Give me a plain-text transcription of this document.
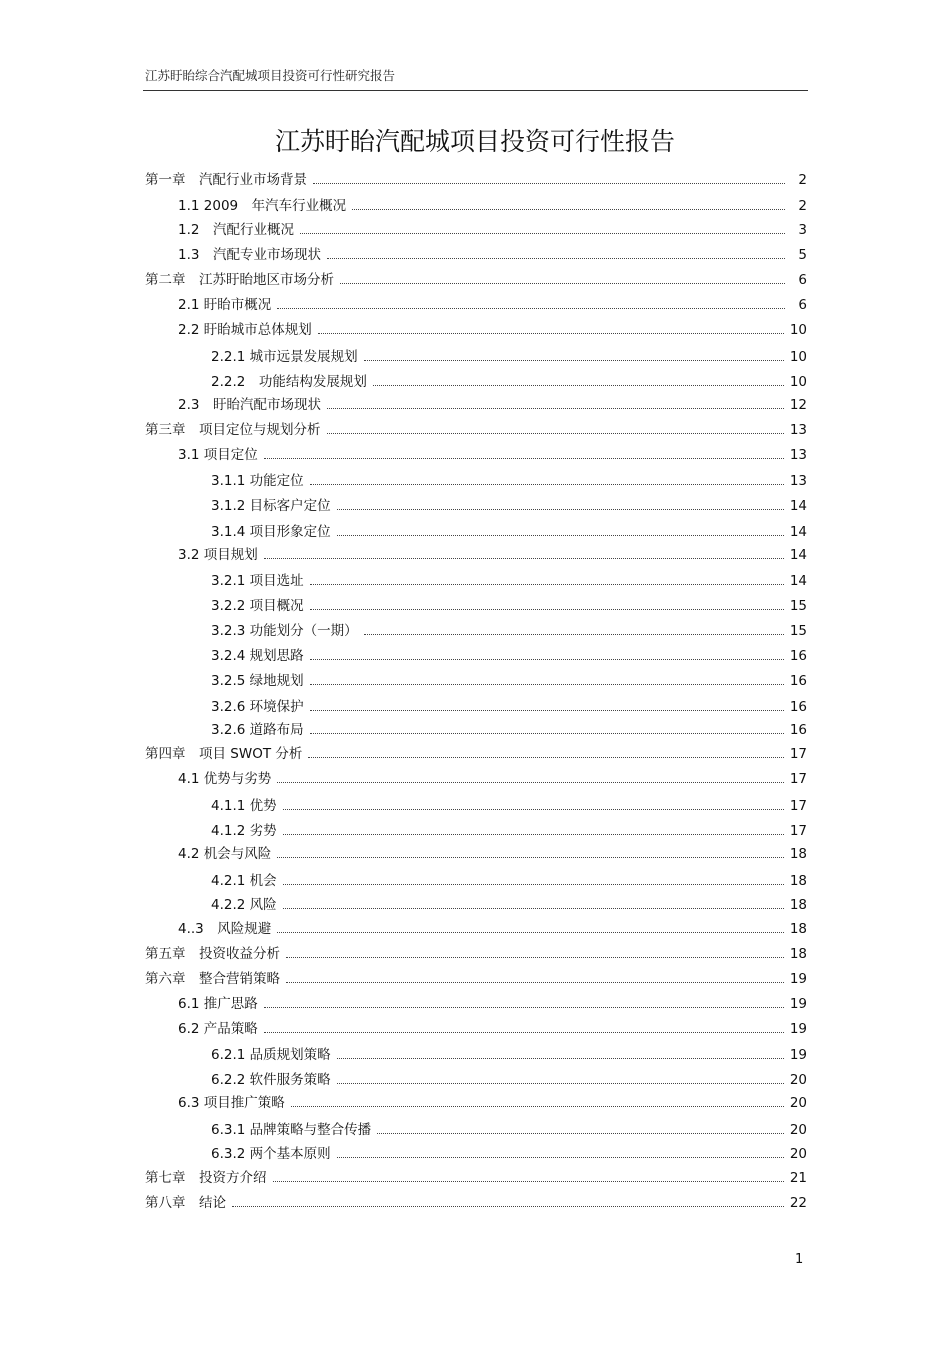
江苏盱眙综合汽配城项目投资可行性研究报告
江苏盱眙汽配城项目投资可行性报告
第一章　汽配行业市场背景	2
1.1 2009　年汽车行业概况	2
1.2　汽配行业概况	3
1.3　汽配专业市场现状	5
第二章　江苏盱眙地区市场分析	6
2.1 盱眙市概况	6
2.2 盱眙城市总体规划	10
2.2.1 城市远景发展规划	10
2.2.2　功能结构发展规划	10
2.3　盱眙汽配市场现状	12
第三章　项目定位与规划分析	13
3.1 项目定位	13
3.1.1 功能定位	13
3.1.2 目标客户定位	14
3.1.4 项目形象定位	14
3.2 项目规划	14
3.2.1 项目选址	14
3.2.2 项目概况	15
3.2.3 功能划分（一期）	15
3.2.4 规划思路	16
3.2.5 绿地规划	16
3.2.6 环境保护	16
3.2.6 道路布局	16
第四章　项目 SWOT 分析	17
4.1 优势与劣势	17
4.1.1 优势	17
4.1.2 劣势	17
4.2 机会与风险	18
4.2.1 机会	18
4.2.2 风险	18
4..3　风险规避	18
第五章　投资收益分析	18
第六章　整合营销策略	19
6.1 推广思路	19
6.2 产品策略	19
6.2.1 品质规划策略	19
6.2.2 软件服务策略	20
6.3 项目推广策略	20
6.3.1 品牌策略与整合传播	20
6.3.2 两个基本原则	20
第七章　投资方介绍	21
第八章　结论	22
1
